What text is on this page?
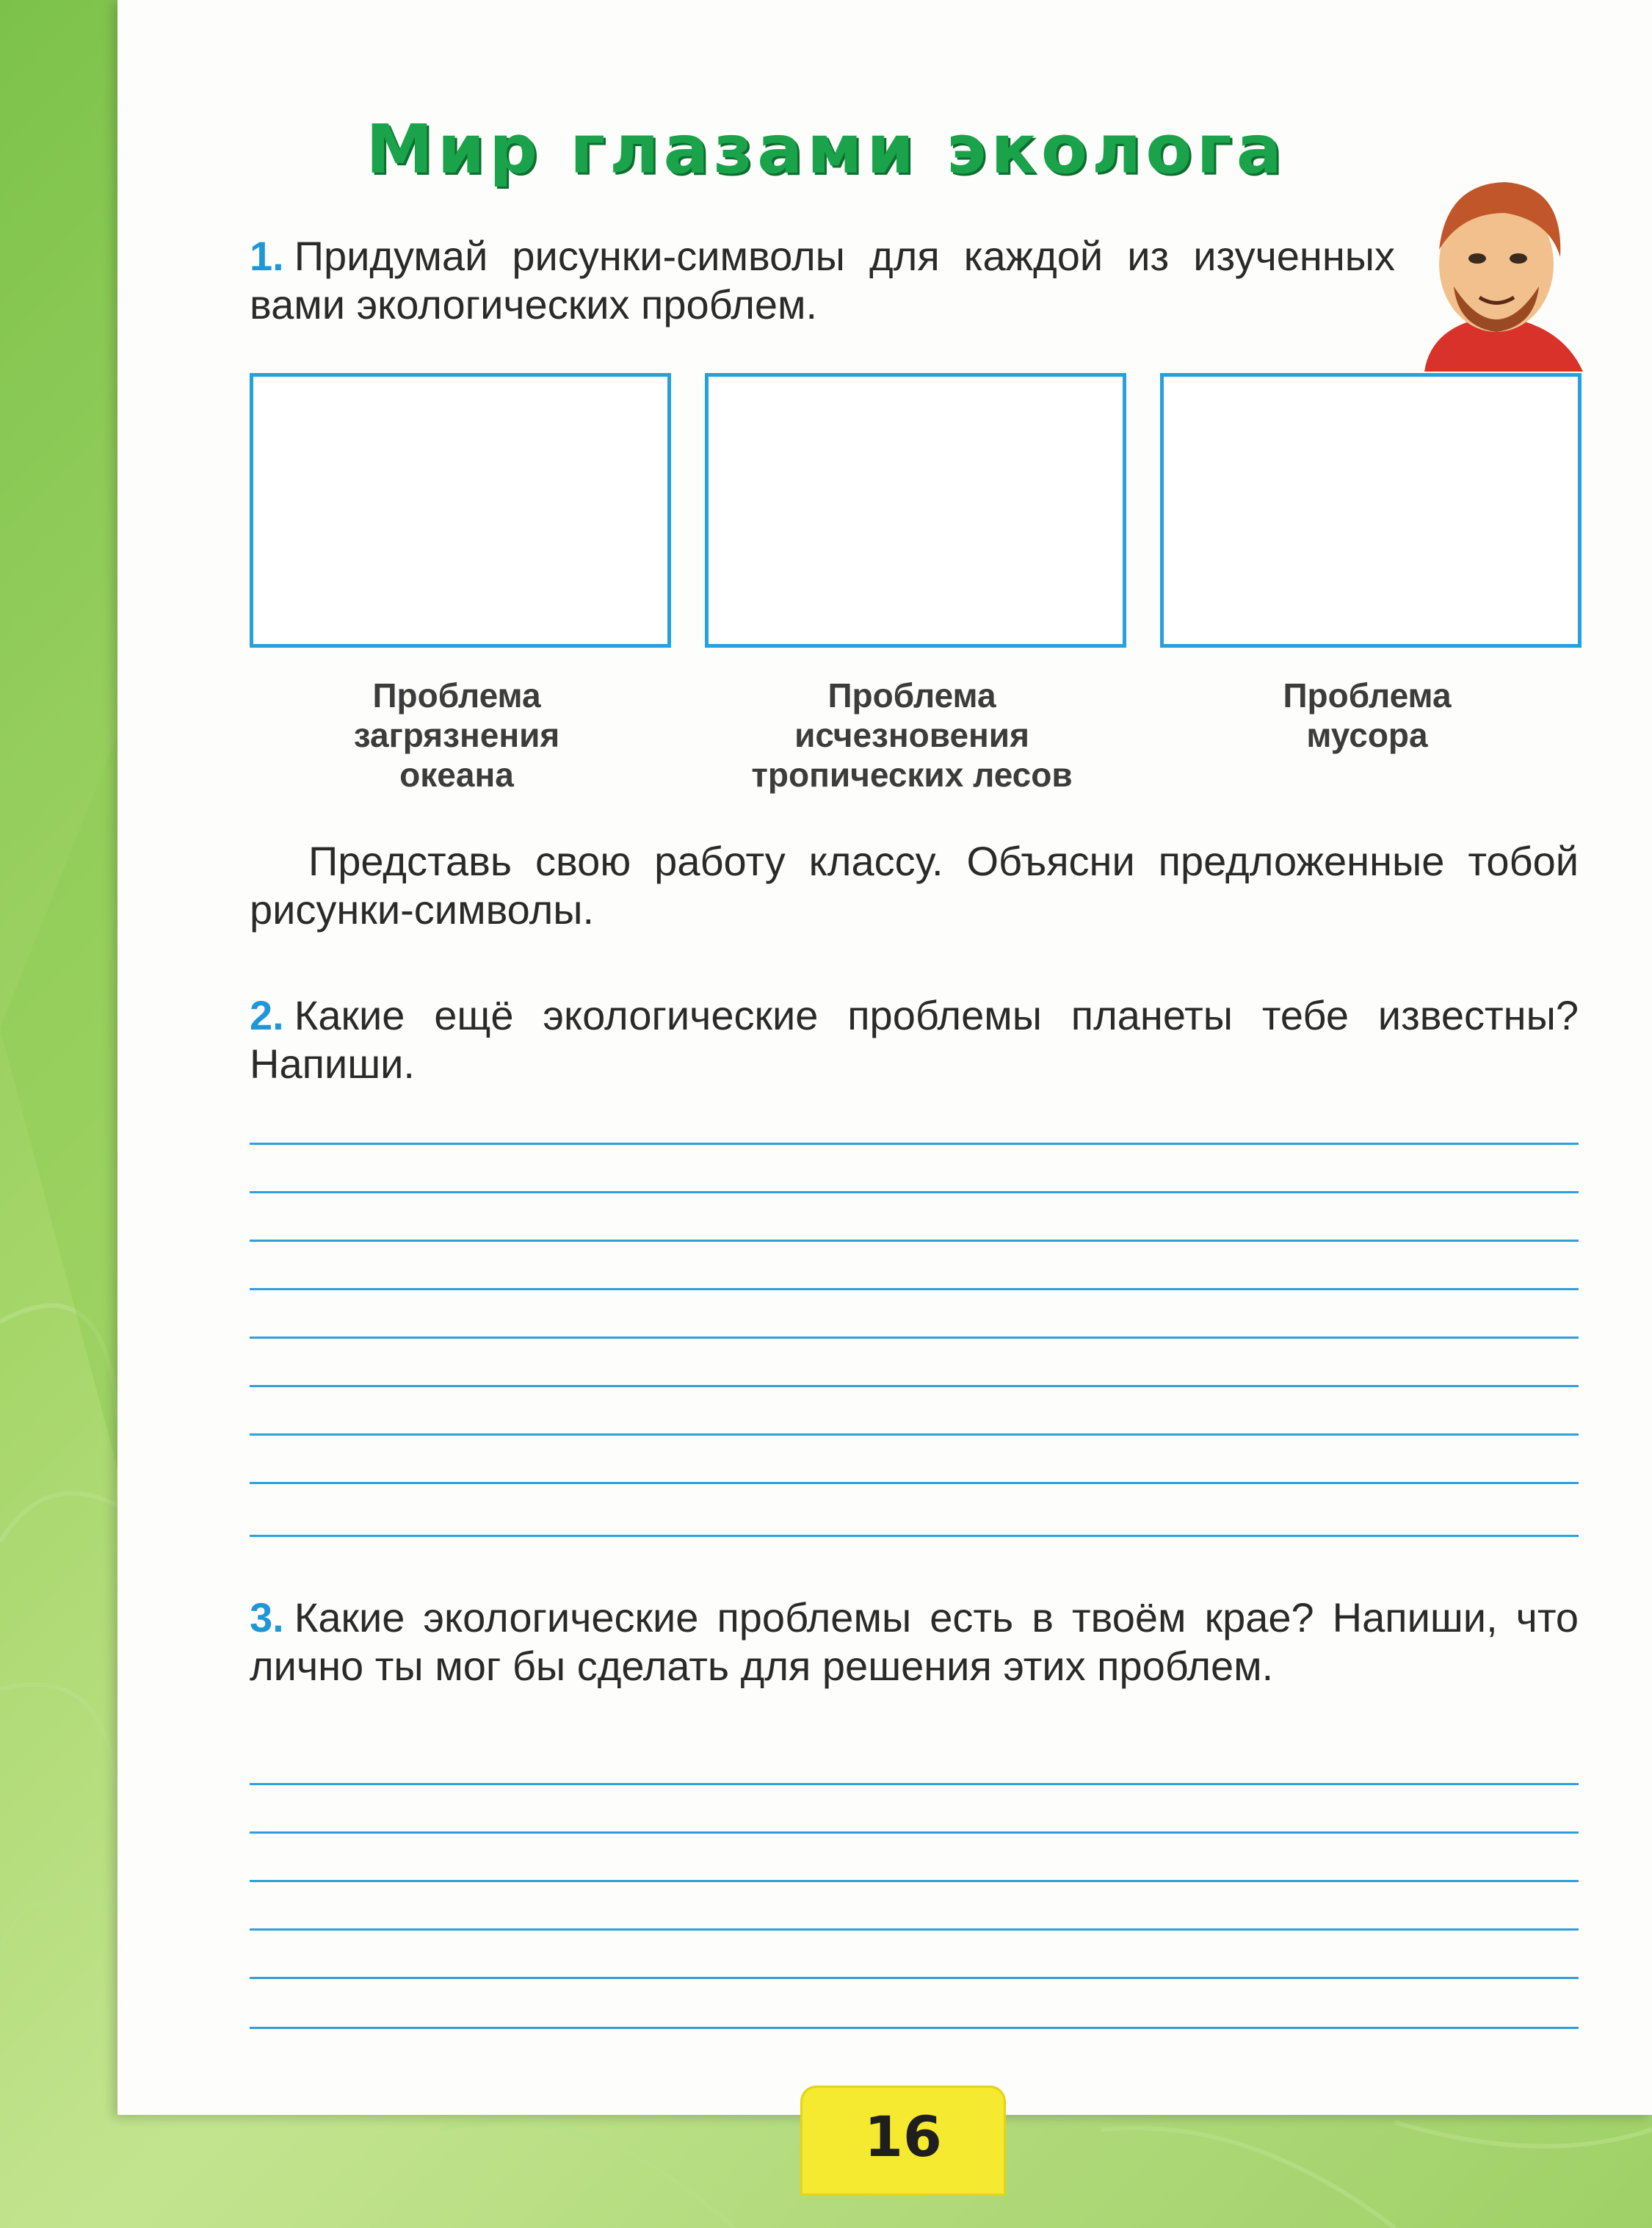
Мир глазами эколога
1. Придумай рисунки-символы для каждой из изученных вами экологических проблем.
Проблема
загрязнения
океана
Проблема
исчезновения
тропических лесов
Проблема
мусора
Представь свою работу классу. Объясни предложенные тобой рисунки-символы.
2. Какие ещё экологические проблемы планеты тебе известны? Напиши.
3. Какие экологические проблемы есть в твоём крае? Напиши, что лично ты мог бы сделать для решения этих проблем.
16
